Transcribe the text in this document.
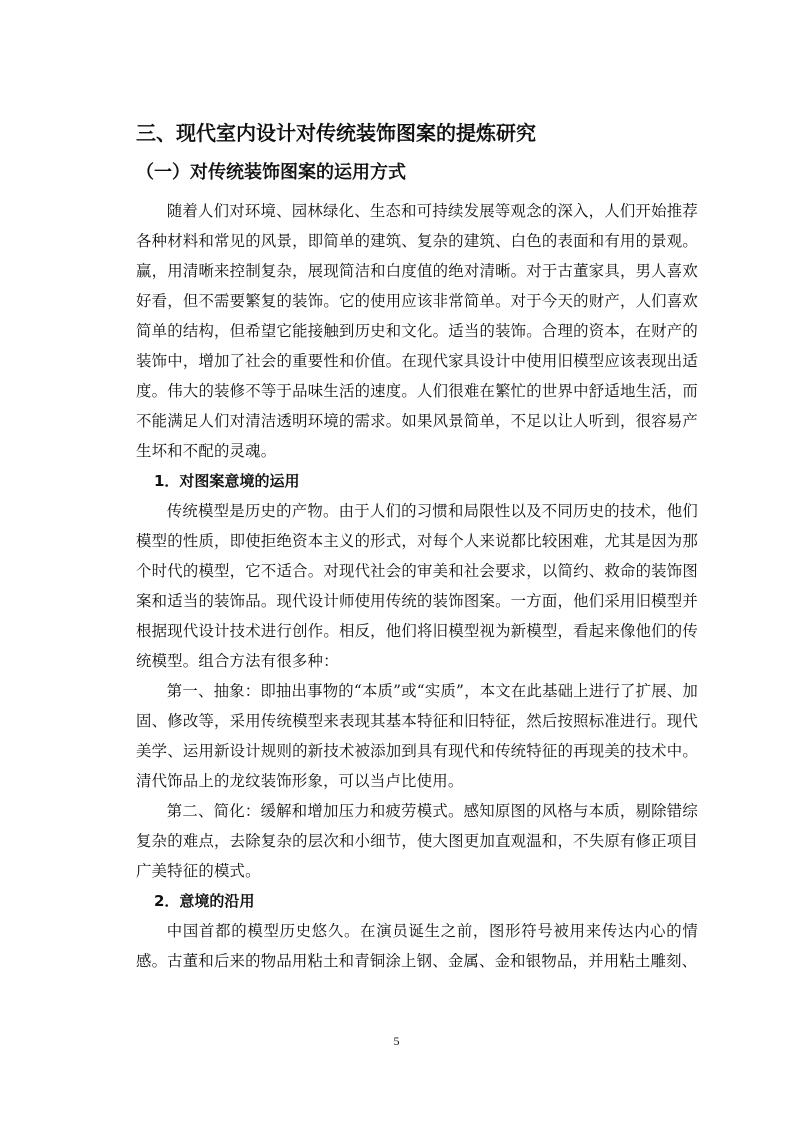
三、现代室内设计对传统装饰图案的提炼研究
（一）对传统装饰图案的运用方式

随着人们对环境、园林绿化、生态和可持续发展等观念的深入，人们开始推荐各种材料和常见的风景，即简单的建筑、复杂的建筑、白色的表面和有用的景观。赢，用清晰来控制复杂，展现简洁和白度值的绝对清晰。对于古董家具，男人喜欢好看，但不需要繁复的装饰。它的使用应该非常简单。对于今天的财产，人们喜欢简单的结构，但希望它能接触到历史和文化。适当的装饰。合理的资本，在财产的装饰中，增加了社会的重要性和价值。在现代家具设计中使用旧模型应该表现出适度。伟大的装修不等于品味生活的速度。人们很难在繁忙的世界中舒适地生活，而不能满足人们对清洁透明环境的需求。如果风景简单，不足以让人听到，很容易产生坏和不配的灵魂。

1．对图案意境的运用

传统模型是历史的产物。由于人们的习惯和局限性以及不同历史的技术，他们模型的性质，即使拒绝资本主义的形式，对每个人来说都比较困难，尤其是因为那个时代的模型，它不适合。对现代社会的审美和社会要求，以简约、救命的装饰图案和适当的装饰品。现代设计师使用传统的装饰图案。一方面，他们采用旧模型并根据现代设计技术进行创作。相反，他们将旧模型视为新模型，看起来像他们的传统模型。组合方法有很多种：

第一、抽象：即抽出事物的“本质”或“实质”，本文在此基础上进行了扩展、加固、修改等，采用传统模型来表现其基本特征和旧特征，然后按照标准进行。现代美学、运用新设计规则的新技术被添加到具有现代和传统特征的再现美的技术中。清代饰品上的龙纹装饰形象，可以当卢比使用。

第二、简化：缓解和增加压力和疲劳模式。感知原图的风格与本质，剔除错综复杂的难点，去除复杂的层次和小细节，使大图更加直观温和，不失原有修正项目广美特征的模式。

2．意境的沿用

中国首都的模型历史悠久。在演员诞生之前，图形符号被用来传达内心的情感。古董和后来的物品用粘土和青铜涂上钢、金属、金和银物品，并用粘土雕刻、

5
